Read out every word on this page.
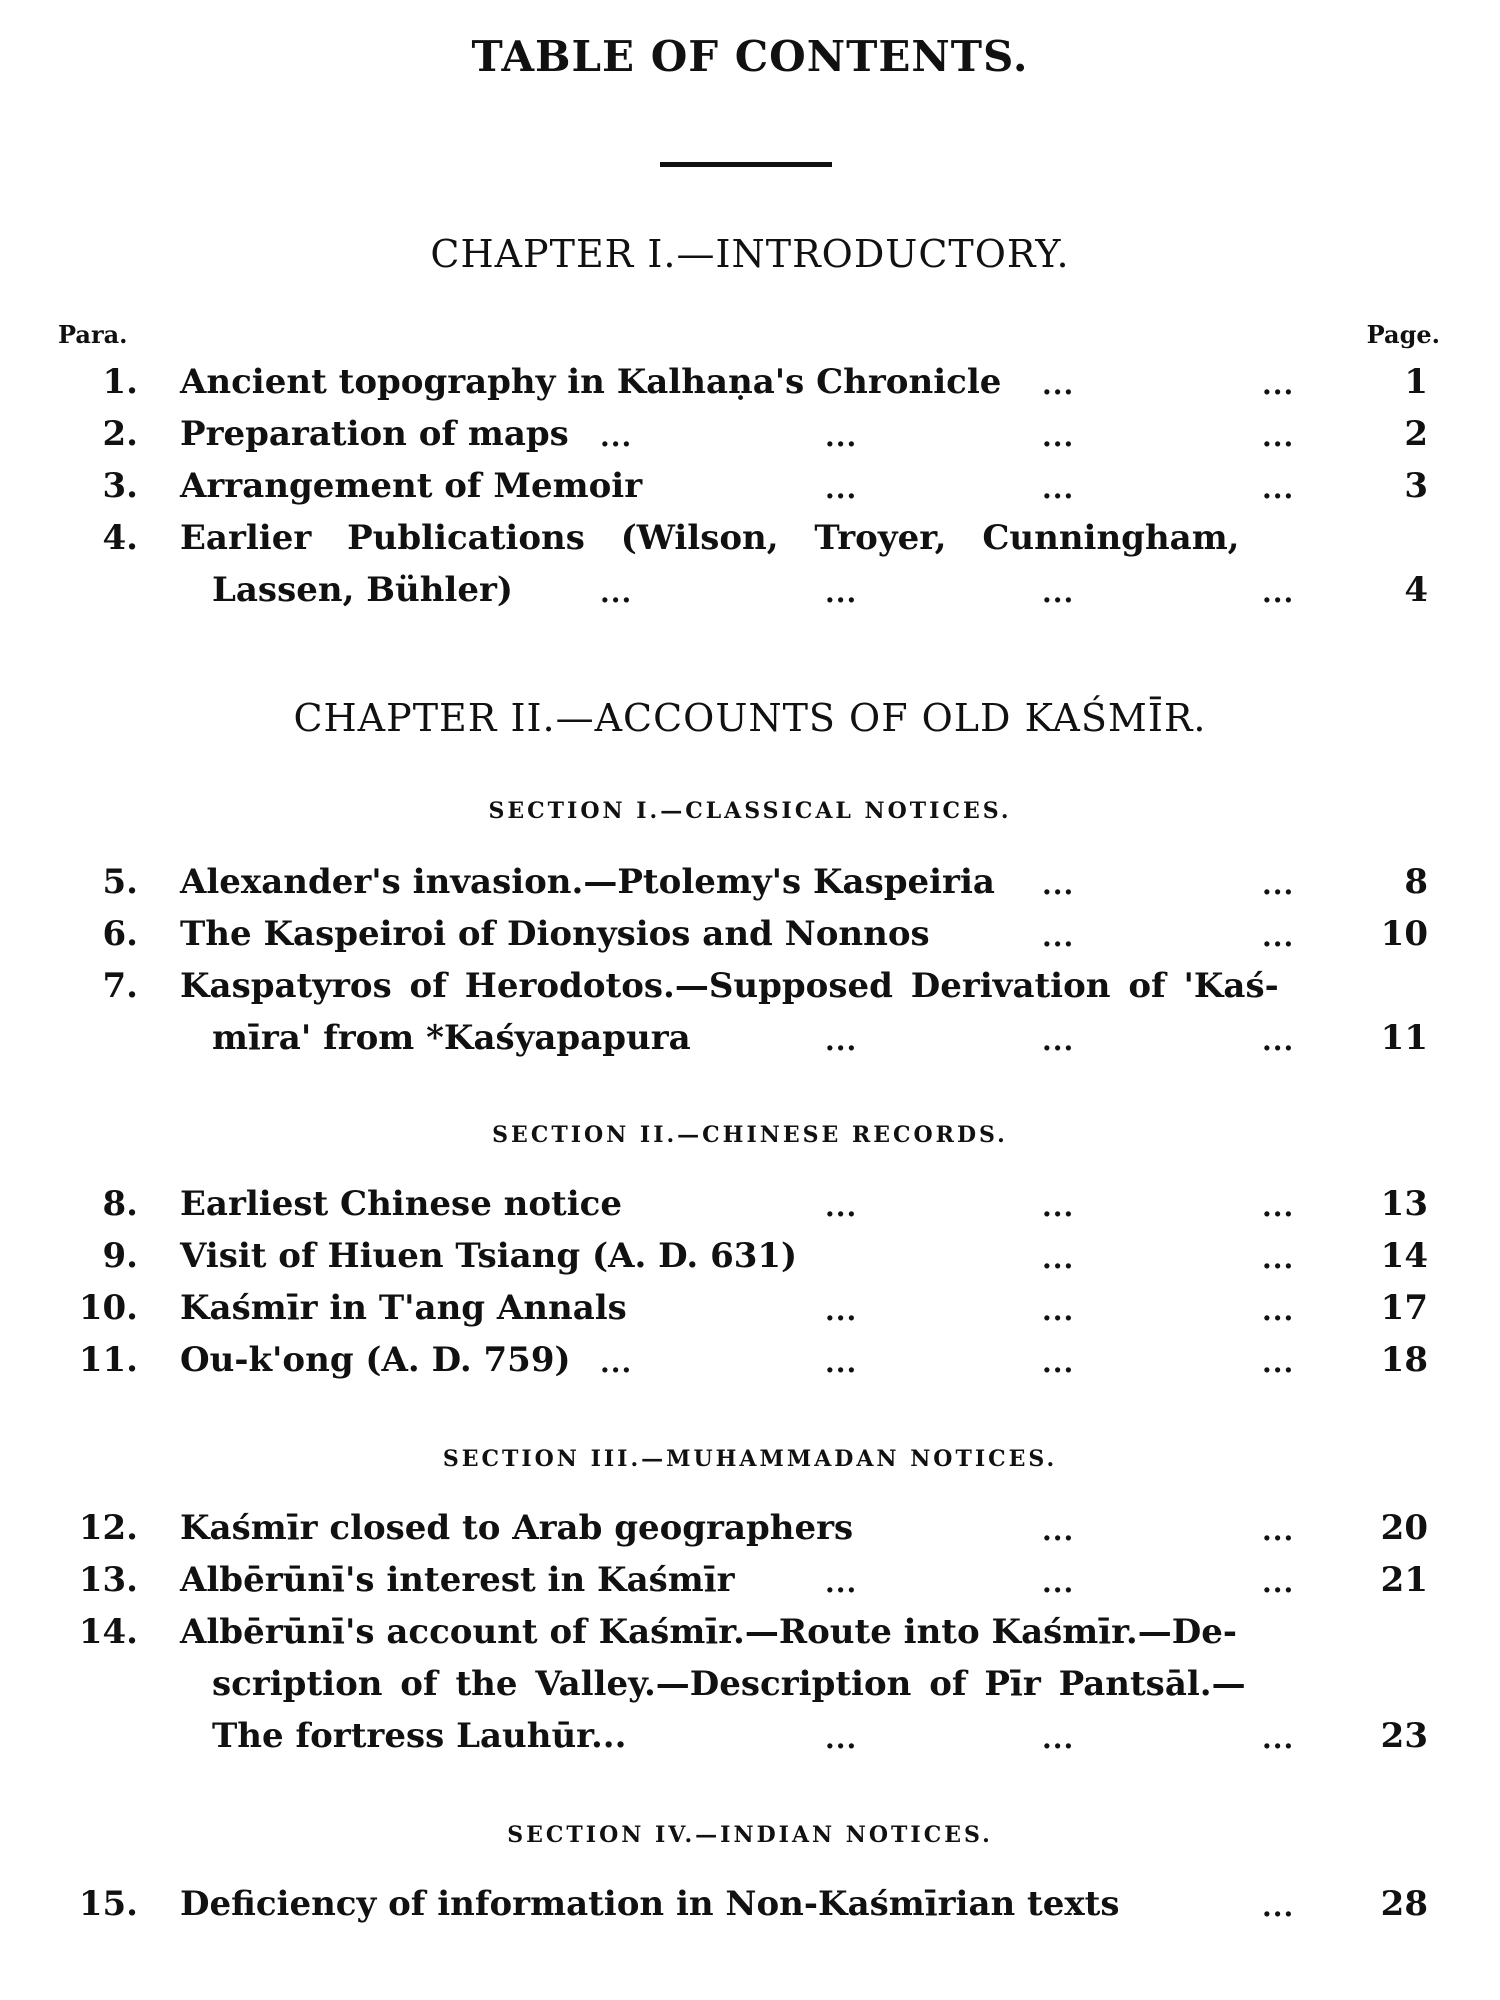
TABLE OF CONTENTS.
CHAPTER I.—INTRODUCTORY.
Para.	Page.
1. Ancient topography in Kalhaṇa's Chronicle ...	...	1
2. Preparation of maps ...	...	...	...	2
3. Arrangement of Memoir	...	...	...	3
4. Earlier Publications (Wilson, Troyer, Cunningham,
Lassen, Bühler)	...	...	...	...	4
CHAPTER II.—ACCOUNTS OF OLD KAŚMĪR.
SECTION I.—CLASSICAL NOTICES.
5. Alexander's invasion.—Ptolemy's Kaspeiria ...	...	8
6. The Kaspeiroi of Dionysios and Nonnos	...	...	10
7. Kaspatyros of Herodotos.—Supposed Derivation of 'Kaś-
mīra' from *Kaśyapapura	...	...	...	11
SECTION II.—CHINESE RECORDS.
8. Earliest Chinese notice	...	...	...	13
9. Visit of Hiuen Tsiang (A. D. 631)	...	...	14
10. Kaśmīr in T'ang Annals	...	...	...	17
11. Ou-k'ong (A. D. 759) ...	...	...	...	18
SECTION III.—MUHAMMADAN NOTICES.
12. Kaśmīr closed to Arab geographers	...	...	20
13. Albērūnī's interest in Kaśmīr	...	...	...	21
14. Albērūnī's account of Kaśmīr.—Route into Kaśmīr.—De-
scription of the Valley.—Description of Pīr Pantsāl.—
The fortress Lauhūr...	...	...	...	23
SECTION IV.—INDIAN NOTICES.
15. Deficiency of information in Non-Kaśmīrian texts	...	28
